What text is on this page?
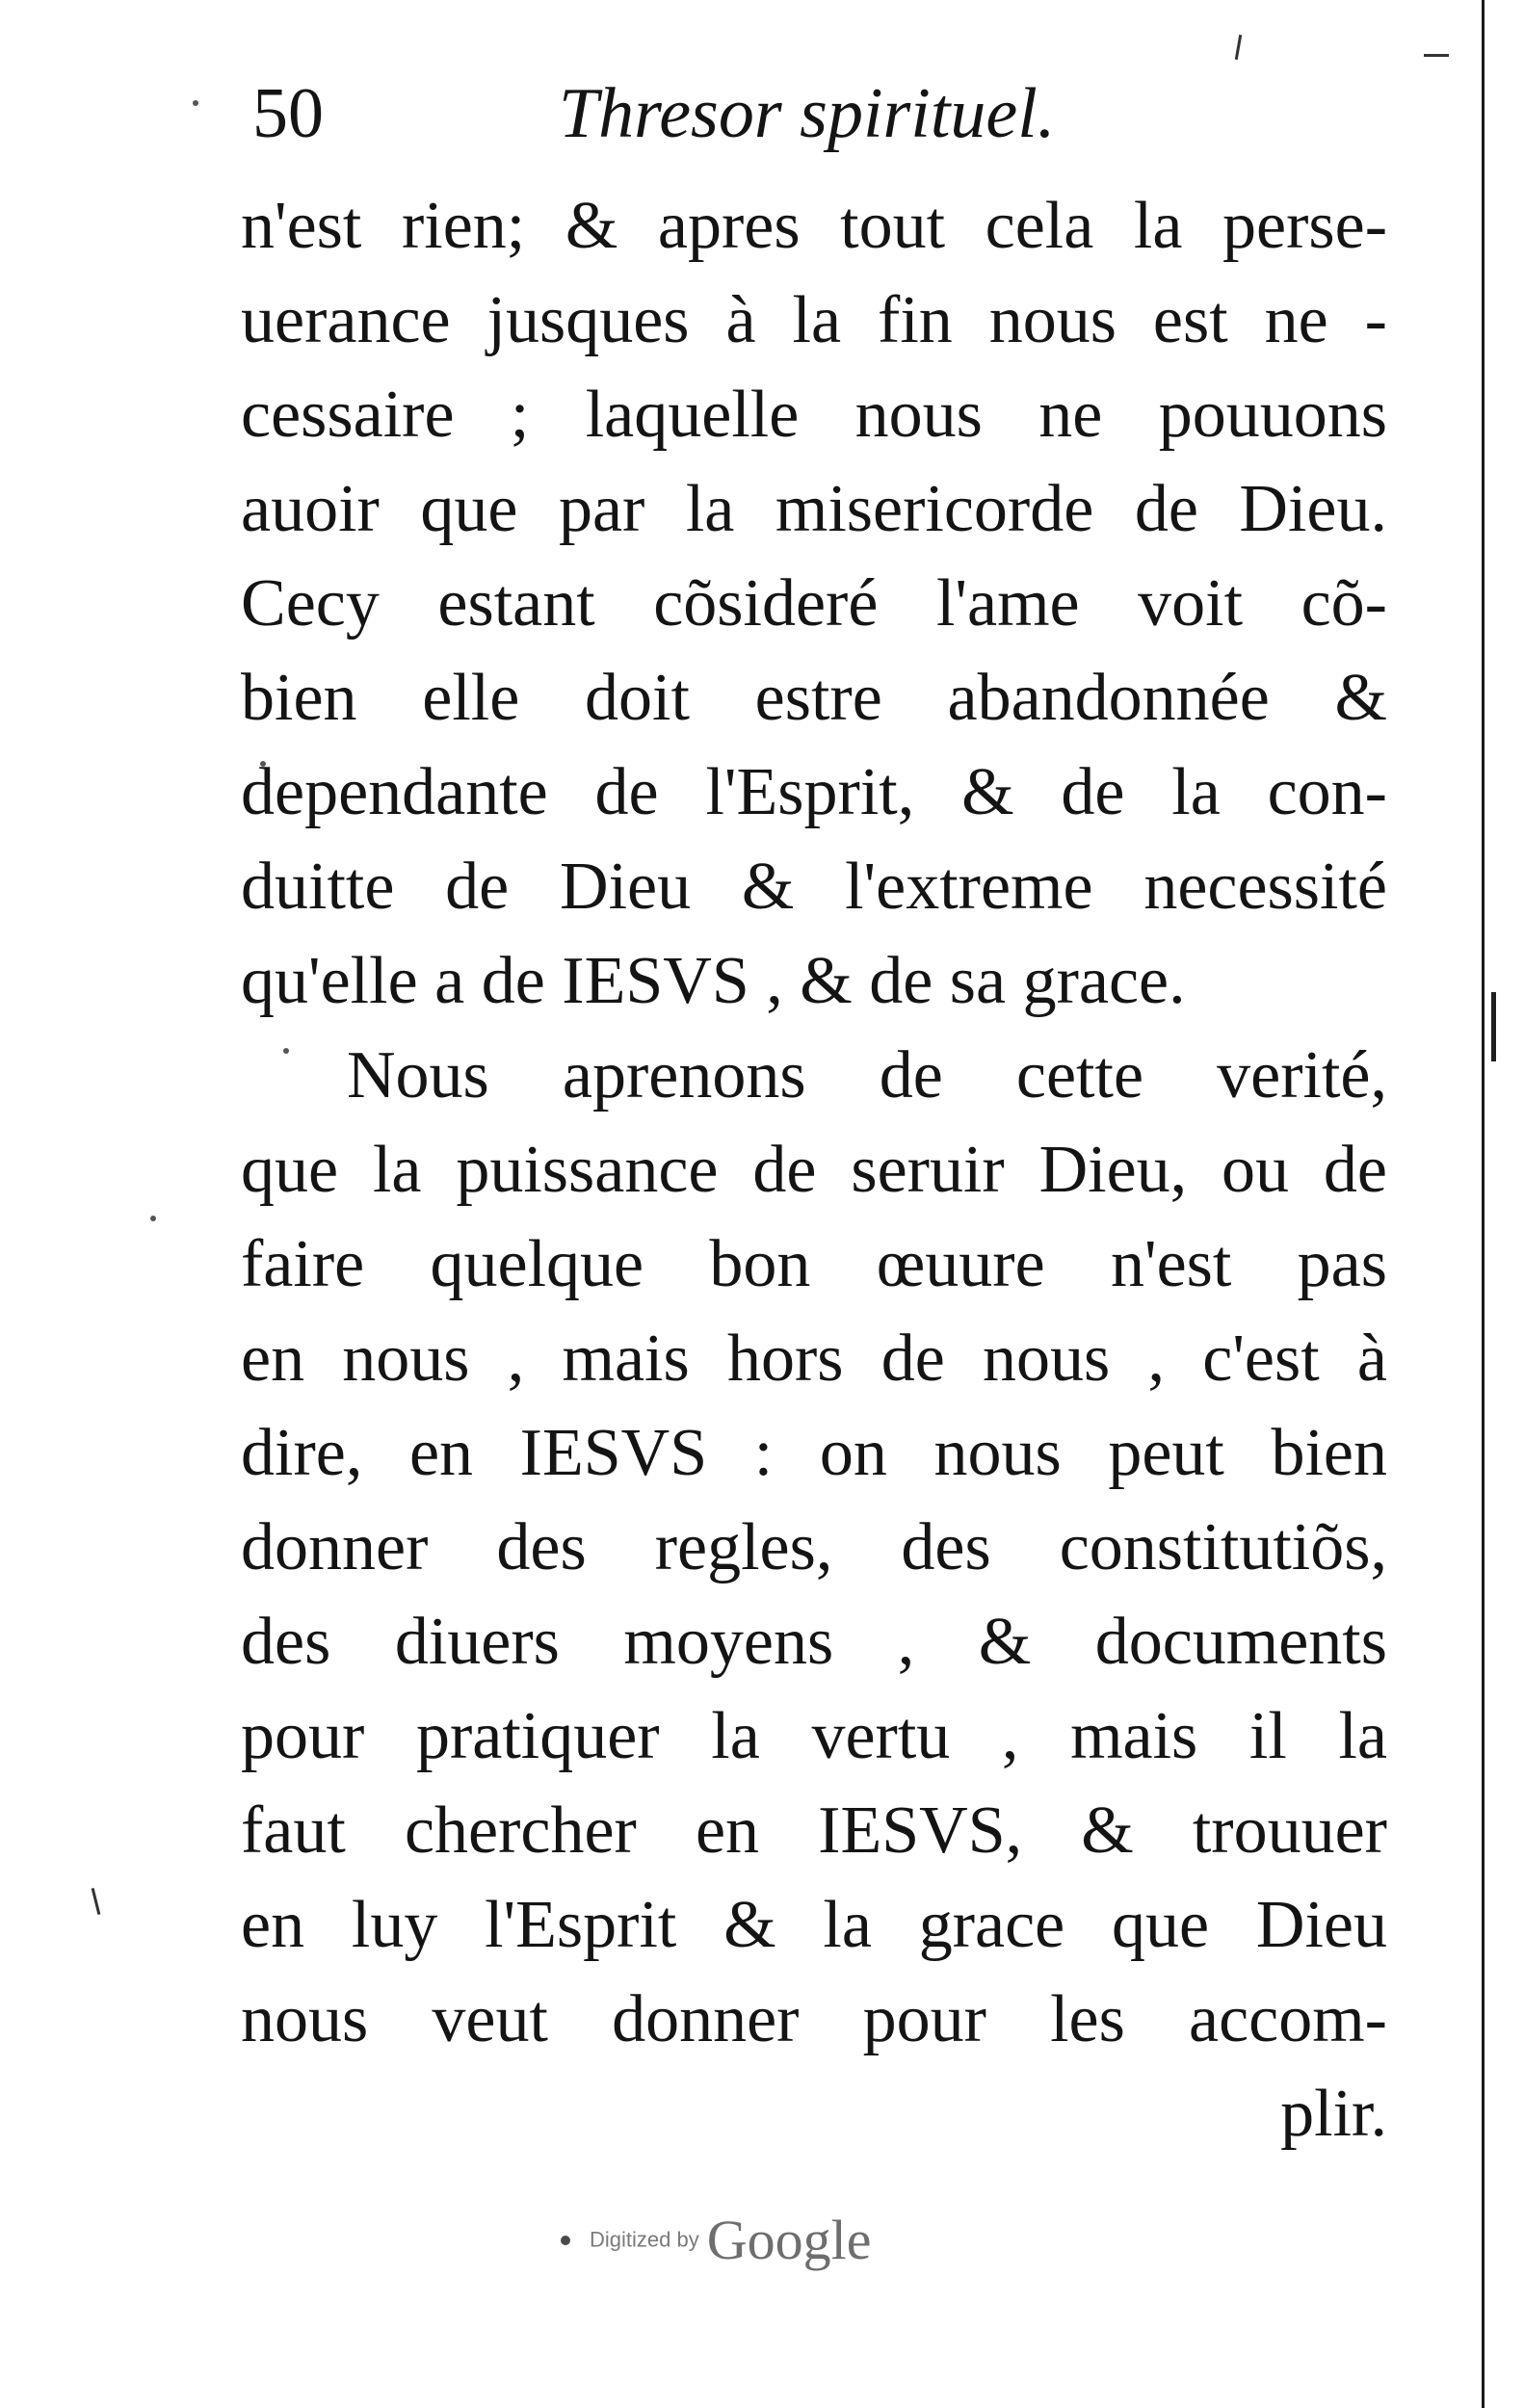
50	Thresor spirituel.
n'est rien; & apres tout cela la perse-
uerance jusques à la fin nous est ne -
cessaire ; laquelle nous ne pouuons
auoir que par la misericorde de Dieu.
Cecy estant cõsideré l'ame voit cõ-
bien elle doit estre abandonnée &
dependante de l'Esprit, & de la con-
duitte de Dieu & l'extreme necessité
qu'elle a de IESVS , & de sa grace.
Nous aprenons de cette verité,
que la puissance de seruir Dieu, ou de
faire quelque bon œuure n'est pas
en nous , mais hors de nous , c'est à
dire, en IESVS : on nous peut bien
donner des regles, des constitutiõs,
des diuers moyens , & documents
pour pratiquer la vertu , mais il la
faut chercher en IESVS, & trouuer
en luy l'Esprit & la grace que Dieu
nous veut donner pour les accom-
plir.
Digitized by Google
